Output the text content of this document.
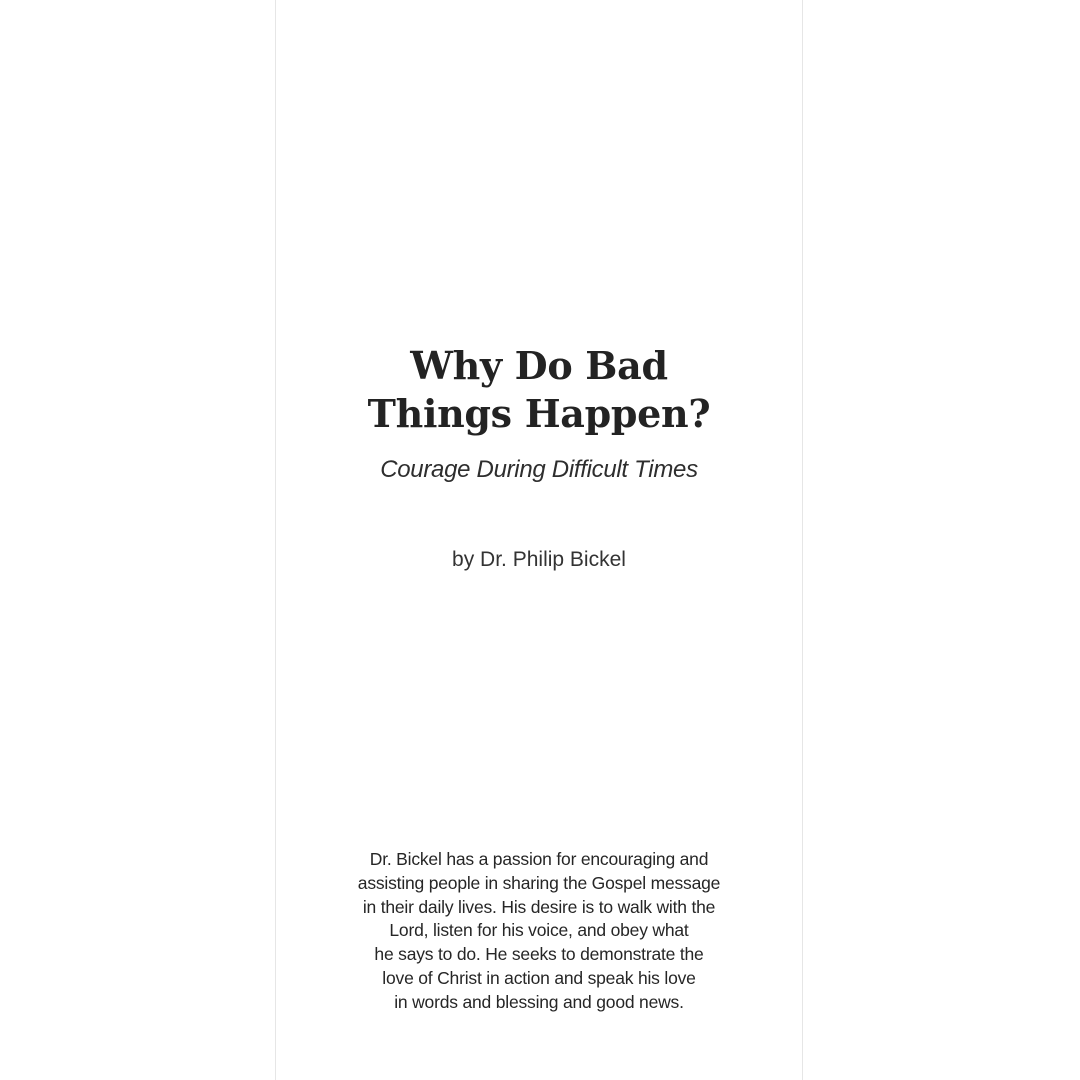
Why Do Bad
Things Happen?

Courage During Difficult Times

by Dr. Philip Bickel

Dr. Bickel has a passion for encouraging and
assisting people in sharing the Gospel message
in their daily lives. His desire is to walk with the
Lord, listen for his voice, and obey what
he says to do. He seeks to demonstrate the
love of Christ in action and speak his love
in words and blessing and good news.
